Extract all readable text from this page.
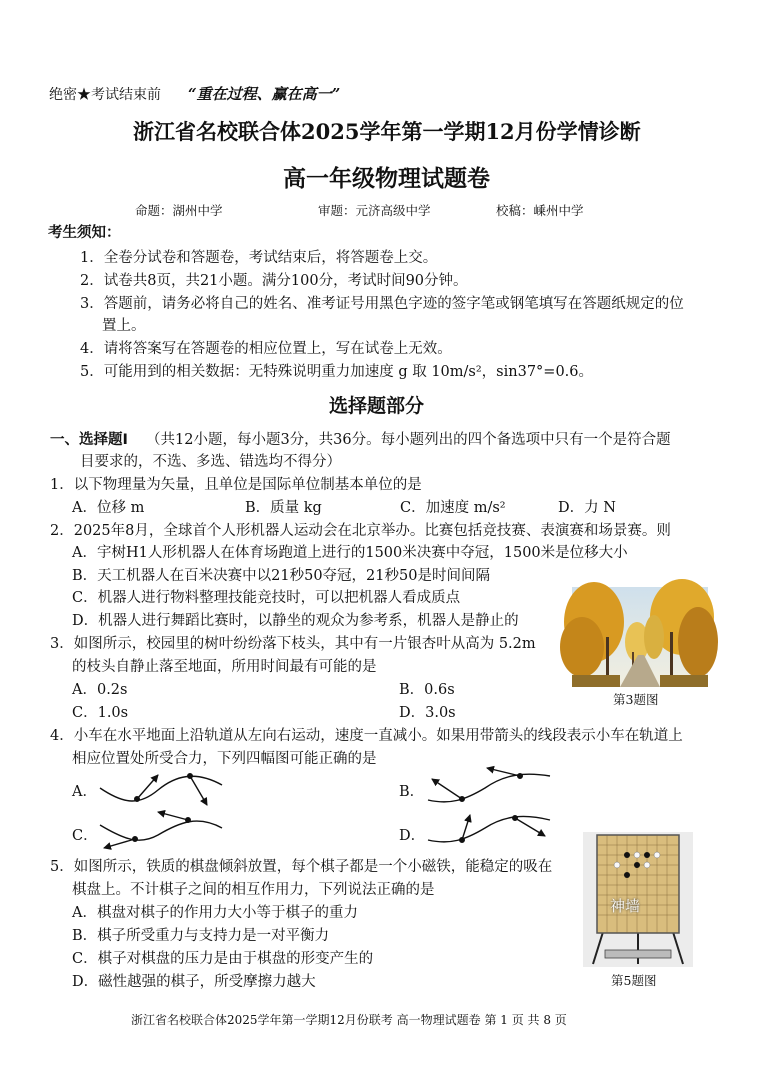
绝密★考试结束前 “重在过程、赢在高一”
浙江省名校联合体2025学年第一学期12月份学情诊断
高一年级物理试题卷
命题：湖州中学	审题：元济高级中学	校稿：嵊州中学
考生须知：
1．全卷分试卷和答题卷，考试结束后，将答题卷上交。
2．试卷共8页，共21小题。满分100分，考试时间90分钟。
3．答题前，请务必将自己的姓名、准考证号用黑色字迹的签字笔或钢笔填写在答题纸规定的位
置上。
4．请将答案写在答题卷的相应位置上，写在试卷上无效。
5．可能用到的相关数据：无特殊说明重力加速度 g 取 10m/s²，sin37°=0.6。
选择题部分
一、选择题Ⅰ （共12小题，每小题3分，共36分。每小题列出的四个备选项中只有一个是符合题
目要求的，不选、多选、错选均不得分）
1．以下物理量为矢量，且单位是国际单位制基本单位的是
A．位移 m	B．质量 kg	C．加速度 m/s²	D．力 N
2．2025年8月，全球首个人形机器人运动会在北京举办。比赛包括竞技赛、表演赛和场景赛。则
A．宇树H1人形机器人在体育场跑道上进行的1500米决赛中夺冠，1500米是位移大小
B．天工机器人在百米决赛中以21秒50夺冠，21秒50是时间间隔
C．机器人进行物料整理技能竞技时，可以把机器人看成质点
D．机器人进行舞蹈比赛时，以静坐的观众为参考系，机器人是静止的
第3题图
3．如图所示，校园里的树叶纷纷落下枝头，其中有一片银杏叶从高为 5.2m
的枝头自静止落至地面，所用时间最有可能的是
A．0.2s	B．0.6s
C．1.0s	D．3.0s
4．小车在水平地面上沿轨道从左向右运动，速度一直减小。如果用带箭头的线段表示小车在轨道上
相应位置处所受合力，下列四幅图可能正确的是
A．	B．
C．	D．
神墙
第5题图
5．如图所示，铁质的棋盘倾斜放置，每个棋子都是一个小磁铁，能稳定的吸在
棋盘上。不计棋子之间的相互作用力，下列说法正确的是
A．棋盘对棋子的作用力大小等于棋子的重力
B．棋子所受重力与支持力是一对平衡力
C．棋子对棋盘的压力是由于棋盘的形变产生的
D．磁性越强的棋子，所受摩擦力越大
浙江省名校联合体2025学年第一学期12月份联考 高一物理试题卷 第 1 页 共 8 页
